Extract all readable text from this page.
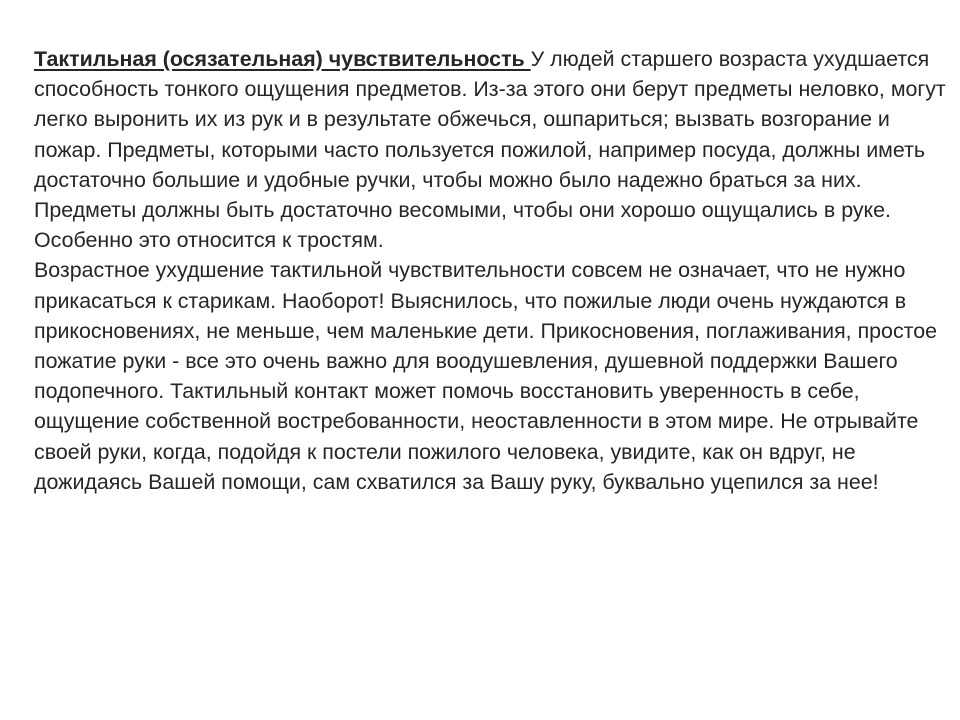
Тактильная (осязательная) чувствительность У людей старшего возраста ухудшается способность тонкого ощущения предметов. Из-за этого они берут предметы неловко, могут легко выронить их из рук и в результате обжечься, ошпариться; вызвать возгорание и пожар. Предметы, которыми часто пользуется пожилой, например посуда, должны иметь достаточно большие и удобные ручки, чтобы можно было надежно браться за них. Предметы должны быть достаточно весомыми, чтобы они хорошо ощущались в руке. Особенно это относится к тростям.

Возрастное ухудшение тактильной чувствительности совсем не означает, что не нужно прикасаться к старикам. Наоборот! Выяснилось, что пожилые люди очень нуждаются в прикосновениях, не меньше, чем маленькие дети. Прикосновения, поглаживания, простое пожатие руки - все это очень важно для воодушевления, душевной поддержки Вашего подопечного. Тактильный контакт может помочь восстановить уверенность в себе, ощущение собственной востребованности, неоставленности в этом мире. Не отрывайте своей руки, когда, подойдя к постели пожилого человека, увидите, как он вдруг, не дожидаясь Вашей помощи, сам схватился за Вашу руку, буквально уцепился за нее!
